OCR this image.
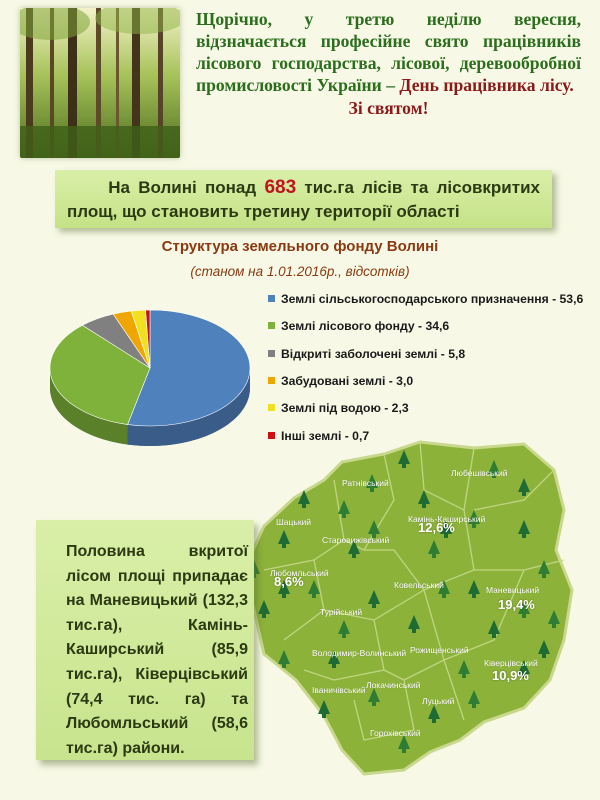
Щорічно, у третю неділю вересня, відзначається професійне свято працівників лісового господарства, лісової, деревообробної промисловості України – День працівника лісу.
Зі святом!
На Волині понад 683 тис.га лісів та лісовкритих площ, що становить третину території області
Структура земельного фонду Волині
(станом на 1.01.2016р., відсотків)
Землі сільськогосподарського призначення - 53,6
Землі лісового фонду - 34,6
Відкриті заболочені землі - 5,8
Забудовані землі - 3,0
Землі під водою - 2,3
Інші землі - 0,7
Ратнівський
Любешівський
Шацький	Камінь-Каширський
Старовижівський
Любомльський
Маневицький
Ковельський
Турійський
Володимир-Волинський Рожищенський
Ківерцівський
Локачинський
Іваничівський
Луцький
Горохівський
12,6%
8,6%
19,4%
10,9%
Половина вкритої лісом площі припадає на Маневицький (132,3 тис.га), Камінь-Каширський (85,9 тис.га), Ківерцівський (74,4 тис. га) та Любомльський (58,6 тис.га) райони.
